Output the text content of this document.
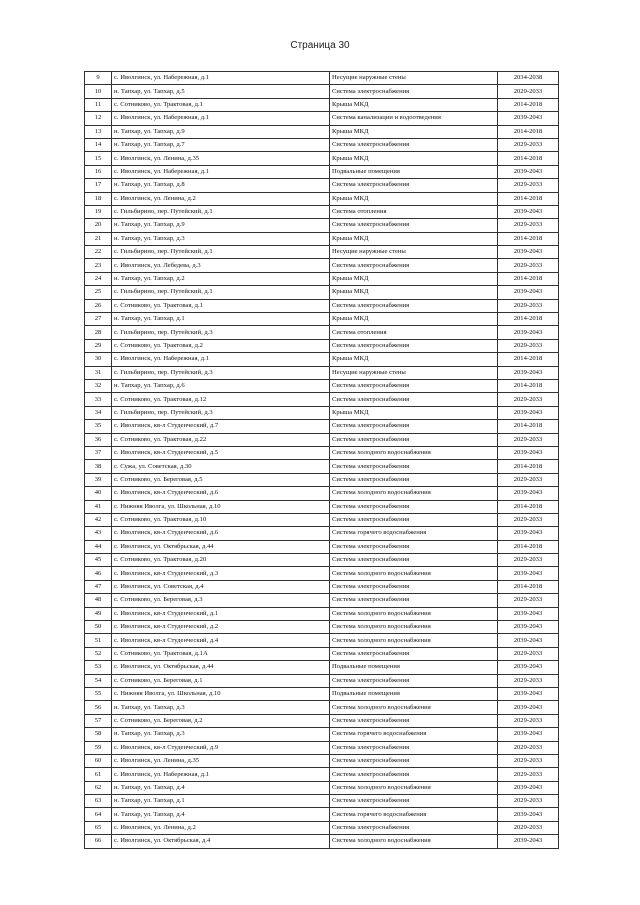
Страница 30
9	с. Иволгинск, ул. Набережная, д.1	Несущие наружные стены	2034-2038
10	н. Тапхар, ул. Тапхар, д.5	Система электроснабжения	2029-2033
11	с. Сотниково, ул. Трактовая, д.1	Крыша МКД	2014-2018
12	с. Иволгинск, ул. Набережная, д.1	Система канализации и водоотведения	2039-2043
13	н. Тапхар, ул. Тапхар, д.9	Крыша МКД	2014-2018
14	н. Тапхар, ул. Тапхар, д.7	Система электроснабжения	2029-2033
15	с. Иволгинск, ул. Ленина, д.35	Крыша МКД	2014-2018
16	с. Иволгинск, ул. Набережная, д.1	Подвальные помещения	2039-2043
17	н. Тапхар, ул. Тапхар, д.8	Система электроснабжения	2029-2033
18	с. Иволгинск, ул. Ленина, д.2	Крыша МКД	2014-2018
19	с. Гильбирино, пер. Путейский, д.1	Система отопления	2039-2043
20	н. Тапхар, ул. Тапхар, д.9	Система электроснабжения	2029-2033
21	н. Тапхар, ул. Тапхар, д.3	Крыша МКД	2014-2018
22	с. Гильбирино, пер. Путейский, д.1	Несущие наружные стены	2039-2043
23	с. Иволгинск, ул. Лебедева, д.3	Система электроснабжения	2029-2033
24	н. Тапхар, ул. Тапхар, д.2	Крыша МКД	2014-2018
25	с. Гильбирино, пер. Путейский, д.1	Крыша МКД	2039-2043
26	с. Сотниково, ул. Трактовая, д.1	Система электроснабжения	2029-2033
27	н. Тапхар, ул. Тапхар, д.1	Крыша МКД	2014-2018
28	с. Гильбирино, пер. Путейский, д.3	Система отопления	2039-2043
29	с. Сотниково, ул. Трактовая, д.2	Система электроснабжения	2029-2033
30	с. Иволгинск, ул. Набережная, д.1	Крыша МКД	2014-2018
31	с. Гильбирино, пер. Путейский, д.3	Несущие наружные стены	2039-2043
32	н. Тапхар, ул. Тапхар, д.6	Система электроснабжения	2014-2018
33	с. Сотниково, ул. Трактовая, д.12	Система электроснабжения	2029-2033
34	с. Гильбирино, пер. Путейский, д.3	Крыша МКД	2039-2043
35	с. Иволгинск, кв-л Студенческий, д.7	Система электроснабжения	2014-2018
36	с. Сотниково, ул. Трактовая, д.22	Система электроснабжения	2029-2033
37	с. Иволгинск, кв-л Студенческий, д.5	Система холодного водоснабжения	2039-2043
38	с. Сужа, ул. Советская, д.30	Система электроснабжения	2014-2018
39	с. Сотниково, ул. Береговая, д.5	Система электроснабжения	2029-2033
40	с. Иволгинск, кв-л Студенческий, д.6	Система холодного водоснабжения	2039-2043
41	с. Нижняя Иволга, ул. Школьная, д.10	Система электроснабжения	2014-2018
42	с. Сотниково, ул. Трактовая, д.10	Система электроснабжения	2029-2033
43	с. Иволгинск, кв-л Студенческий, д.6	Система горячего водоснабжения	2039-2043
44	с. Иволгинск, ул. Октябрьская, д.44	Система электроснабжения	2014-2018
45	с. Сотниково, ул. Трактовая, д.20	Система электроснабжения	2029-2033
46	с. Иволгинск, кв-л Студенческий, д.3	Система холодного водоснабжения	2039-2043
47	с. Иволгинск, ул. Советская, д.4	Система электроснабжения	2014-2018
48	с. Сотниково, ул. Береговая, д.3	Система электроснабжения	2029-2033
49	с. Иволгинск, кв-л Студенческий, д.1	Система холодного водоснабжения	2039-2043
50	с. Иволгинск, кв-л Студенческий, д.2	Система холодного водоснабжения	2039-2043
51	с. Иволгинск, кв-л Студенческий, д.4	Система холодного водоснабжения	2039-2043
52	с. Сотниково, ул. Трактовая, д.1А	Система электроснабжения	2029-2033
53	с. Иволгинск, ул. Октябрьская, д.44	Подвальные помещения	2039-2043
54	с. Сотниково, ул. Береговая, д.1	Система электроснабжения	2029-2033
55	с. Нижняя Иволга, ул. Школьная, д.10	Подвальные помещения	2039-2043
56	н. Тапхар, ул. Тапхар, д.3	Система холодного водоснабжения	2039-2043
57	с. Сотниково, ул. Береговая, д.2	Система электроснабжения	2029-2033
58	н. Тапхар, ул. Тапхар, д.3	Система горячего водоснабжения	2039-2043
59	с. Иволгинск, кв-л Студенческий, д.9	Система электроснабжения	2029-2033
60	с. Иволгинск, ул. Ленина, д.35	Система электроснабжения	2029-2033
61	с. Иволгинск, ул. Набережная, д.1	Система электроснабжения	2029-2033
62	н. Тапхар, ул. Тапхар, д.4	Система холодного водоснабжения	2039-2043
63	н. Тапхар, ул. Тапхар, д.1	Система электроснабжения	2029-2033
64	н. Тапхар, ул. Тапхар, д.4	Система горячего водоснабжения	2039-2043
65	с. Иволгинск, ул. Ленина, д.2	Система электроснабжения	2029-2033
66	с. Иволгинск, ул. Октябрьская, д.4	Система холодного водоснабжения	2039-2043
